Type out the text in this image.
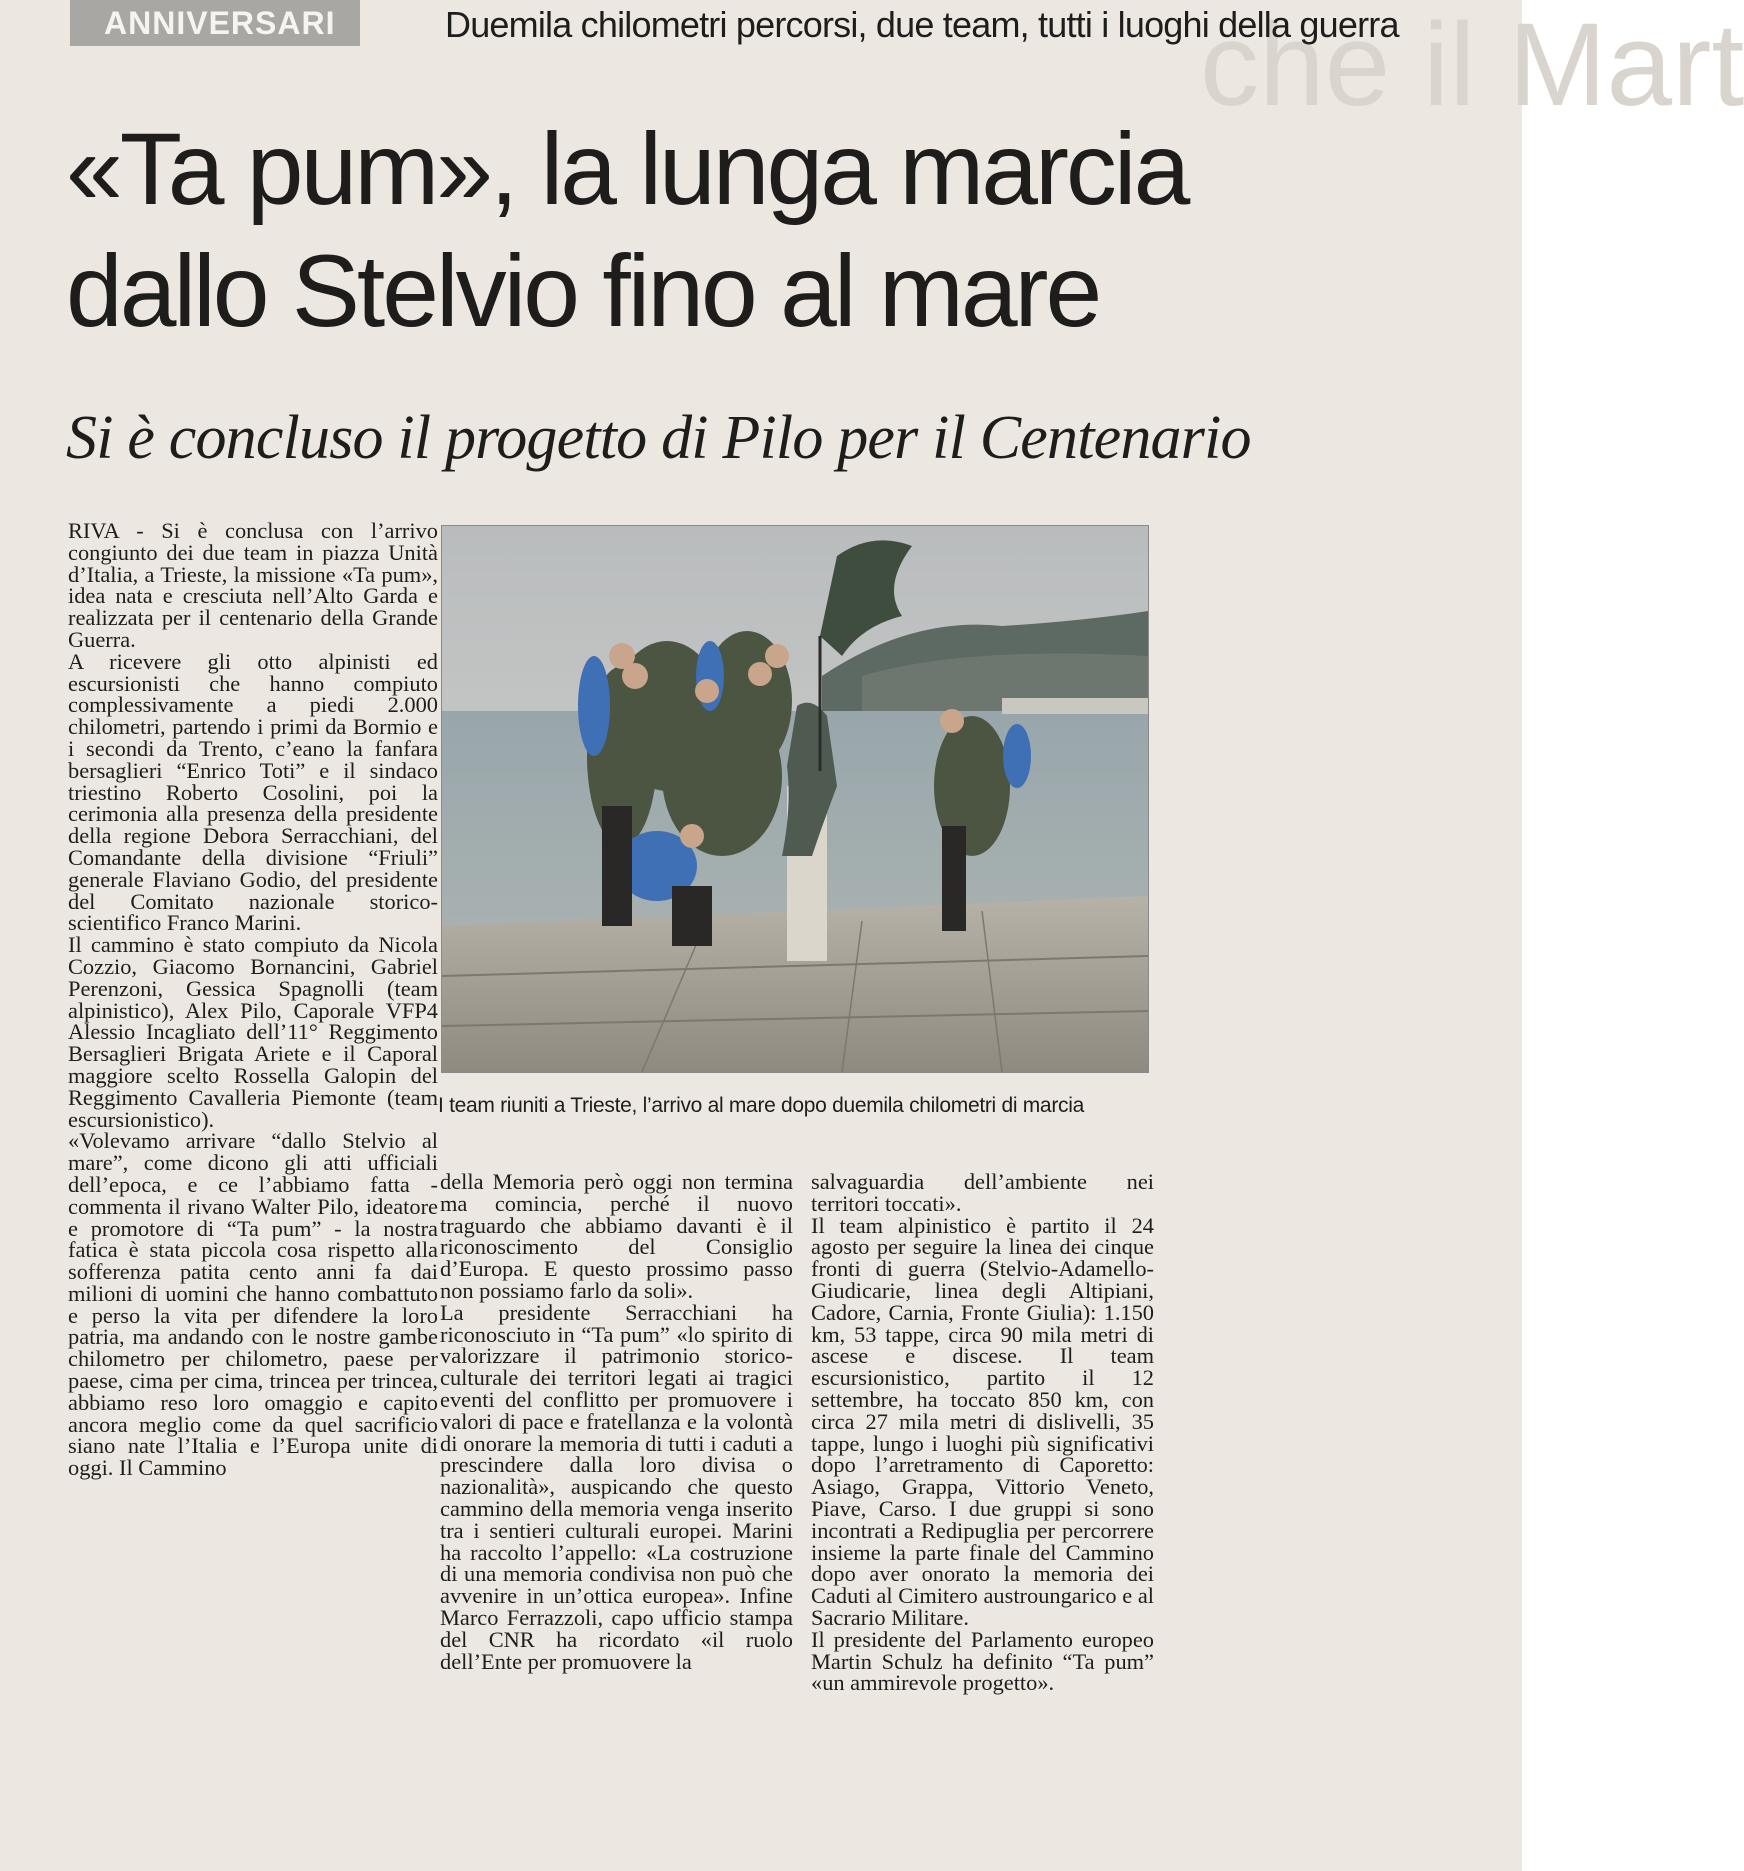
che il Mart
ANNIVERSARI	Duemila chilometri percorsi, due team, tutti i luoghi della guerra
«Ta pum», la lunga marcia
dallo Stelvio fino al mare
Si è concluso il progetto di Pilo per il Centenario

RIVA - Si è conclusa con l’arrivo congiunto dei due team in piazza Unità d’Italia, a Trieste, la missione «Ta pum», idea nata e cresciuta nell’Alto Garda e realizzata per il centenario della Grande Guerra.

A ricevere gli otto alpinisti ed escursionisti che hanno compiuto complessivamente a piedi 2.000 chilometri, partendo i primi da Bormio e i secondi da Trento, c’eano la fanfara bersaglieri “Enrico Toti” e il sindaco triestino Roberto Cosolini, poi la cerimonia alla presenza della presidente della regione Debora Serracchiani, del Comandante della divisione “Friuli” generale Flaviano Godio, del presidente del Comitato nazionale storico-scientifico Franco Marini.

Il cammino è stato compiuto da Nicola Cozzio, Giacomo Bornancini, Gabriel Perenzoni, Gessica Spagnolli (team alpinistico), Alex Pilo, Caporale VFP4 Alessio Incagliato dell’11° Reggimento Bersaglieri Brigata Ariete e il Caporal maggiore scelto Rossella Galopin del Reggimento Cavalleria Piemonte (team escursionistico).

«Volevamo arrivare “dallo Stelvio al mare”, come dicono gli atti ufficiali dell’epoca, e ce l’abbiamo fatta - commenta il rivano Walter Pilo, ideatore e promotore di “Ta pum” - la nostra fatica è stata piccola cosa rispetto alla sofferenza patita cento anni fa dai milioni di uomini che hanno combattuto e perso la vita per difendere la loro patria, ma andando con le nostre gambe chilometro per chilometro, paese per paese, cima per cima, trincea per trincea, abbiamo reso loro omaggio e capito ancora meglio come da quel sacrificio siano nate l’Italia e l’Europa unite di oggi. Il Cammino

I team riuniti a Trieste, l’arrivo al mare dopo duemila chilometri di marcia

della Memoria però oggi non termina ma comincia, perché il nuovo traguardo che abbiamo davanti è il riconoscimento del Consiglio d’Europa. E questo prossimo passo non possiamo farlo da soli».

La presidente Serracchiani ha riconosciuto in “Ta pum” «lo spirito di valorizzare il patrimonio storico-culturale dei territori legati ai tragici eventi del conflitto per promuovere i valori di pace e fratellanza e la volontà di onorare la memoria di tutti i caduti a prescindere dalla loro divisa o nazionalità», auspicando che questo cammino della memoria venga inserito tra i sentieri culturali europei. Marini ha raccolto l’appello: «La costruzione di una memoria condivisa non può che avvenire in un’ottica europea». Infine Marco Ferrazzoli, capo ufficio stampa del CNR ha ricordato «il ruolo dell’Ente per promuovere la

salvaguardia dell’ambiente nei territori toccati».

Il team alpinistico è partito il 24 agosto per seguire la linea dei cinque fronti di guerra (Stelvio-Adamello-Giudicarie, linea degli Altipiani, Cadore, Carnia, Fronte Giulia): 1.150 km, 53 tappe, circa 90 mila metri di ascese e discese. Il team escursionistico, partito il 12 settembre, ha toccato 850 km, con circa 27 mila metri di dislivelli, 35 tappe, lungo i luoghi più significativi dopo l’arretramento di Caporetto: Asiago, Grappa, Vittorio Veneto, Piave, Carso. I due gruppi si sono incontrati a Redipuglia per percorrere insieme la parte finale del Cammino dopo aver onorato la memoria dei Caduti al Cimitero austroungarico e al Sacrario Militare.

Il presidente del Parlamento europeo Martin Schulz ha definito “Ta pum” «un ammirevole progetto».
